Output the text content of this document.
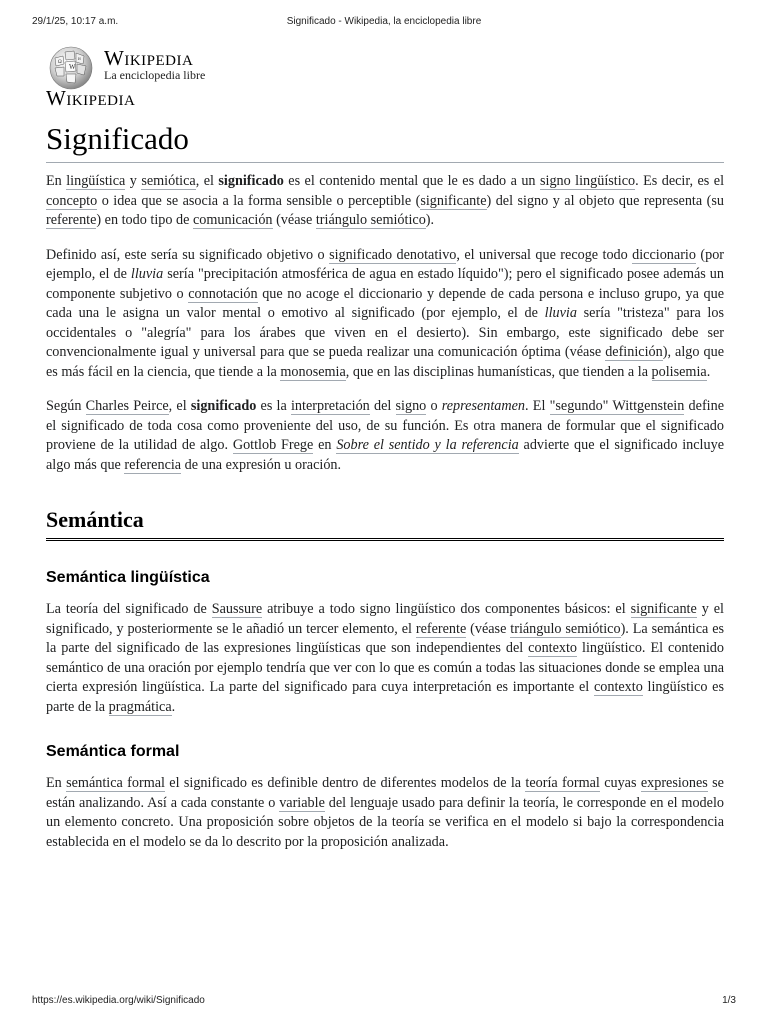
29/1/25, 10:17 a.m.	Significado - Wikipedia, la enciclopedia libre
W
Ω
и Wikipedia
La enciclopedia libre
Wikipedia
Significado

En lingüística y semiótica, el significado es el contenido mental que le es dado a un signo lingüístico. Es decir, es el concepto o idea que se asocia a la forma sensible o perceptible (significante) del signo y al objeto que representa (su referente) en todo tipo de comunicación (véase triángulo semiótico).

Definido así, este sería su significado objetivo o significado denotativo, el universal que recoge todo diccionario (por ejemplo, el de lluvia sería "precipitación atmosférica de agua en estado líquido"); pero el significado posee además un componente subjetivo o connotación que no acoge el diccionario y depende de cada persona e incluso grupo, ya que cada una le asigna un valor mental o emotivo al significado (por ejemplo, el de lluvia sería "tristeza" para los occidentales o "alegría" para los árabes que viven en el desierto). Sin embargo, este significado debe ser convencionalmente igual y universal para que se pueda realizar una comunicación óptima (véase definición), algo que es más fácil en la ciencia, que tiende a la monosemia, que en las disciplinas humanísticas, que tienden a la polisemia.

Según Charles Peirce, el significado es la interpretación del signo o representamen. El "segundo" Wittgenstein define el significado de toda cosa como proveniente del uso, de su función. Es otra manera de formular que el significado proviene de la utilidad de algo. Gottlob Frege en Sobre el sentido y la referencia advierte que el significado incluye algo más que referencia de una expresión u oración.

Semántica
Semántica lingüística

La teoría del significado de Saussure atribuye a todo signo lingüístico dos componentes básicos: el significante y el significado, y posteriormente se le añadió un tercer elemento, el referente (véase triángulo semiótico). La semántica es la parte del significado de las expresiones lingüísticas que son independientes del contexto lingüístico. El contenido semántico de una oración por ejemplo tendría que ver con lo que es común a todas las situaciones donde se emplea una cierta expresión lingüística. La parte del significado para cuya interpretación es importante el contexto lingüístico es parte de la pragmática.

Semántica formal

En semántica formal el significado es definible dentro de diferentes modelos de la teoría formal cuyas expresiones se están analizando. Así a cada constante o variable del lenguaje usado para definir la teoría, le corresponde en el modelo un elemento concreto. Una proposición sobre objetos de la teoría se verifica en el modelo si bajo la correspondencia establecida en el modelo se da lo descrito por la proposición analizada.

https://es.wikipedia.org/wiki/Significado	1/3
